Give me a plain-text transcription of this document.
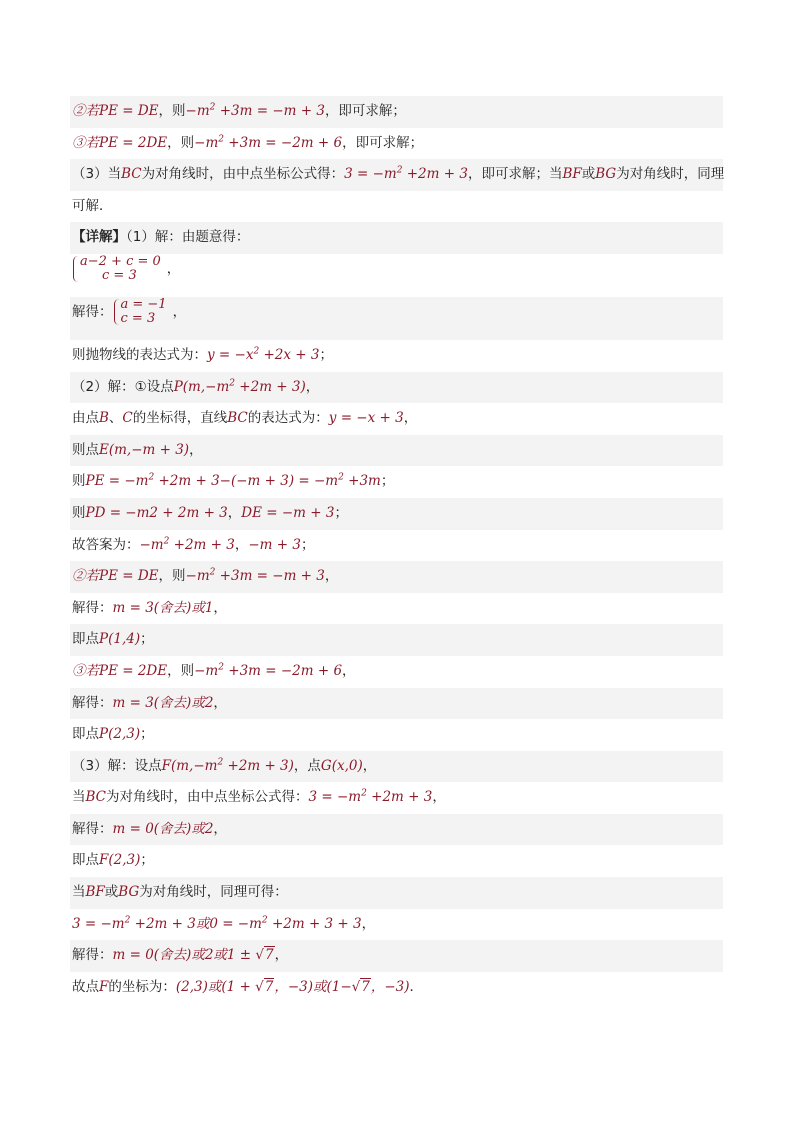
②若PE = DE，则$-m^2 +3m = -m + 3$，即可求解；
③若PE = 2DE，则$-m^2 +3m = -2m + 6$，即可求解；
（3）当BC为对角线时，由中点坐标公式得：$3 = -m^2 +2m + 3$，即可求解；当BF或BG为对角线时，同理
可解．
【详解】（1）解：由题意得：
a−2 + c = 0
c = 3	，
解得： a = −1
c = 3	，
则抛物线的表达式为：$y = -x^2 +2x + 3$；
（2）解：①设点$P(m,-m^2 +2m + 3)$，
由点B、C的坐标得，直线BC的表达式为：y = −x + 3，
则点E(m,−m + 3)，
则PE = $-m^2 +2m + 3-(-m + 3) = -m^2 +3m$；
则PD = −m2 + 2m + 3，DE = −m + 3；
故答案为：$-m^2 +2m + 3$，−m + 3；
②若PE = DE，则$-m^2 +3m = -m + 3$，
解得：m = 3(舍去)或1，
即点P(1,4)；
③若PE = 2DE，则$-m^2 +3m = -2m + 6$，
解得：m = 3(舍去)或2，
即点P(2,3)；
（3）解：设点$F(m,-m^2 +2m + 3)$，点G(x,0)，
当BC为对角线时，由中点坐标公式得：$3 = -m^2 +2m + 3$，
解得：m = 0(舍去)或2，
即点F(2,3)；
当BF或BG为对角线时，同理可得：
$3 = -m^2 +2m + 3$或$0 = -m^2 +2m + 3 + 3$，
解得：m = 0(舍去)或2或1 ± √7，
故点F的坐标为：(2,3)或(1 + √7，−3)或(1−√7，−3)．
